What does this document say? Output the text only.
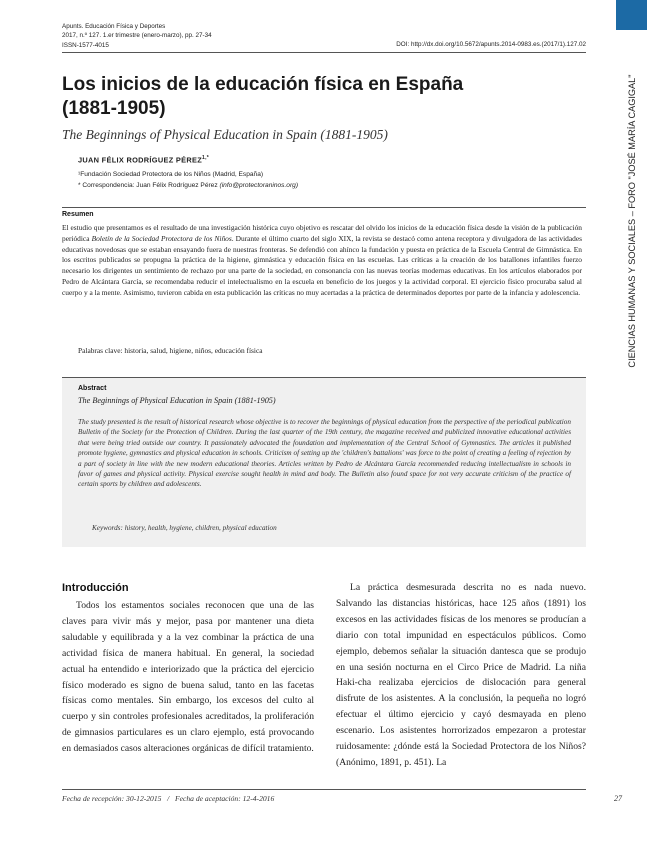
Apunts. Educación Física y Deportes
2017, n.º 127. 1.er trimestre (enero-marzo), pp. 27-34
ISSN-1577-4015	DOI: http://dx.doi.org/10.5672/apunts.2014-0983.es.(2017/1).127.02
CIENCIAS HUMANAS Y SOCIALES – FORO "JOSÉ MARÍA CAGIGAL"
Los inicios de la educación física en España
(1881-1905)
The Beginnings of Physical Education in Spain (1881-1905)
JUAN FÉLIX RODRÍGUEZ $PÉREZ^{1,*}$
¹Fundación Sociedad Protectora de los Niños (Madrid, España)
* Correspondencia: Juan Félix Rodríguez Pérez (info@protectoraninos.org)
Resumen
El estudio que presentamos es el resultado de una investigación histórica cuyo objetivo es rescatar del olvido los inicios de la educación física desde la visión de la publicación periódica Boletín de la Sociedad Protectora de los Niños. Durante el último cuarto del siglo XIX, la revista se destacó como antena receptora y divulgadora de las actividades educativas novedosas que se estaban ensayando fuera de nuestras fronteras. Se defendió con ahínco la fundación y puesta en práctica de la Escuela Central de Gimnástica. En los escritos publicados se propugna la práctica de la higiene, gimnástica y educación física en las escuelas. Las críticas a la creación de los batallones infantiles fuerzo necesario los dirigentes un sentimiento de rechazo por una parte de la sociedad, en consonancia con las nuevas teorías modernas educativas. En los artículos elaborados por Pedro de Alcántara García, se recomendaba reducir el intelectualismo en la escuela en beneficio de los juegos y la actividad corporal. El ejercicio físico procuraba salud al cuerpo y a la mente. Asimismo, tuvieron cabida en esta publicación las críticas no muy acertadas a la práctica de determinados deportes por parte de la infancia y adolescencia.
Palabras clave: historia, salud, higiene, niños, educación física
Abstract
The Beginnings of Physical Education in Spain (1881-1905)
The study presented is the result of historical research whose objective is to recover the beginnings of physical education from the perspective of the periodical publication Bulletin of the Society for the Protection of Children. During the last quarter of the 19th century, the magazine received and publicized innovative educational activities that were being tried outside our country. It passionately advocated the foundation and implementation of the Central School of Gymnastics. The articles it published promote hygiene, gymnastics and physical education in schools. Criticism of setting up the 'children's battalions' was force to the point of creating a feeling of rejection by a part of society in line with the new modern educational theories. Articles written by Pedro de Alcántara García recommended reducing intellectualism in schools in favor of games and physical activity. Physical exercise sought health in mind and body. The Bulletin also found space for not very accurate criticism of the practice of certain sports by children and adolescents.
Keywords: history, health, hygiene, children, physical education
Introducción
Todos los estamentos sociales reconocen que una de las claves para vivir más y mejor, pasa por mantener una dieta saludable y equilibrada y a la vez combinar la práctica de una actividad física de manera habitual. En general, la sociedad actual ha entendido e interiorizado que la práctica del ejercicio físico moderado es signo de buena salud, tanto en las facetas físicas como mentales. Sin embargo, los excesos del culto al cuerpo y sin controles profesionales acreditados, la proliferación de gimnasios particulares es un claro ejemplo, está provocando en demasiados casos alteraciones orgánicas de difícil tratamiento.
La práctica desmesurada descrita no es nada nuevo. Salvando las distancias históricas, hace 125 años (1891) los excesos en las actividades físicas de los menores se producían a diario con total impunidad en espectáculos públicos. Como ejemplo, debemos señalar la situación dantesca que se produjo en una sesión nocturna en el Circo Price de Madrid. La niña Haki-cha realizaba ejercicios de dislocación para general disfrute de los asistentes. A la conclusión, la pequeña no logró efectuar el último ejercicio y cayó desmayada en pleno escenario. Los asistentes horrorizados empezaron a protestar ruidosamente: ¿dónde está la Sociedad Protectora de los Niños? (Anónimo, 1891, p. 451). La
Fecha de recepción: 30-12-2015   /   Fecha de aceptación: 12-4-2016	27
